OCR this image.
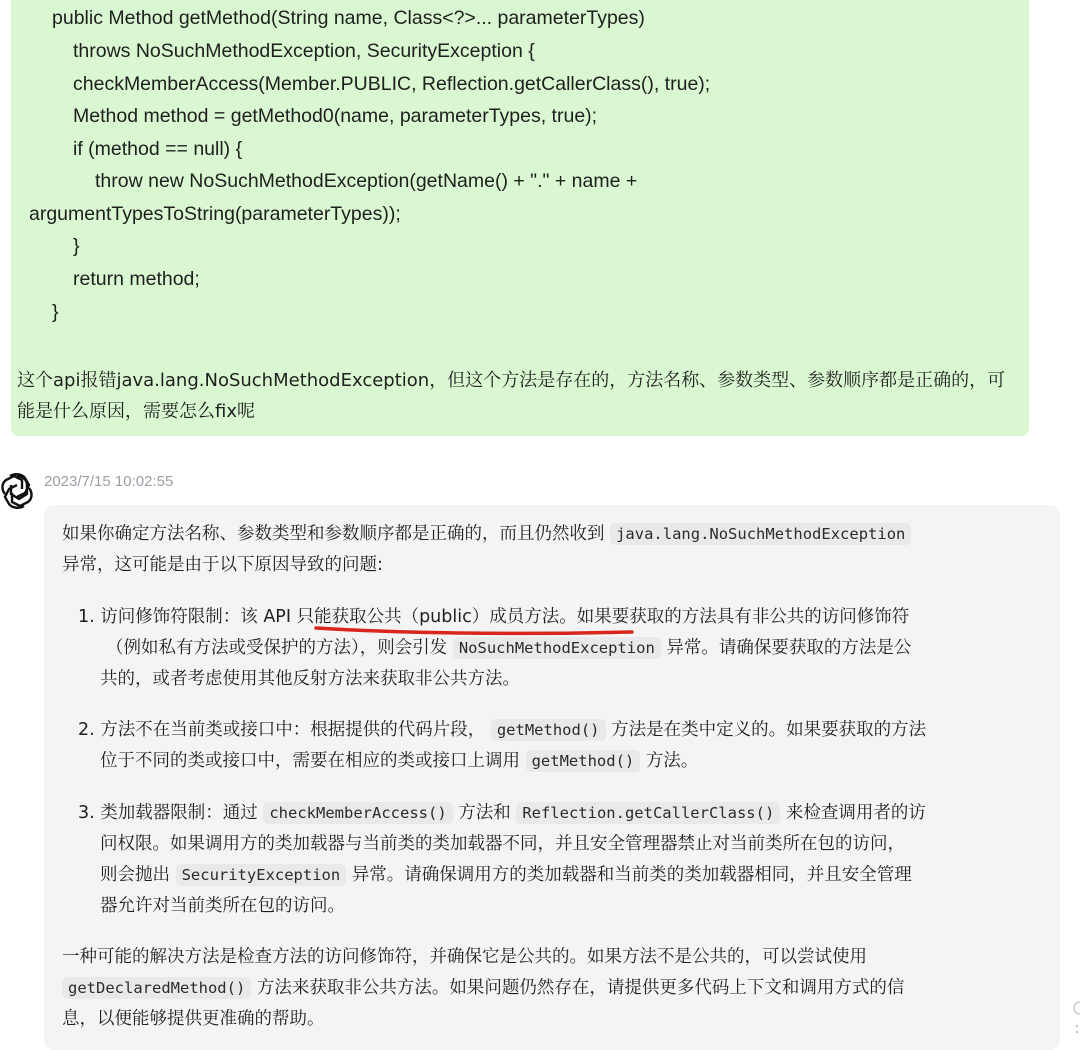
public Method getMethod(String name, Class<?>... parameterTypes)
throws NoSuchMethodException, SecurityException {
checkMemberAccess(Member.PUBLIC, Reflection.getCallerClass(), true);
Method method = getMethod0(name, parameterTypes, true);
if (method == null) {
throw new NoSuchMethodException(getName() + "." + name +
argumentTypesToString(parameterTypes));
}
return method;
}
这个api报错java.lang.NoSuchMethodException，但这个方法是存在的，方法名称、参数类型、参数顺序都是正确的，可能是什么原因，需要怎么fix呢
2023/7/15 10:02:55
如果你确定方法名称、参数类型和参数顺序都是正确的，而且仍然收到 java.lang.NoSuchMethodException
异常，这可能是由于以下原因导致的问题:
1. 访问修饰符限制：该 API 只能获取公共（public）成员方法。如果要获取的方法具有非公共的访问修饰符
（例如私有方法或受保护的方法），则会引发 NoSuchMethodException 异常。请确保要获取的方法是公
共的，或者考虑使用其他反射方法来获取非公共方法。
2. 方法不在当前类或接口中：根据提供的代码片段， getMethod() 方法是在类中定义的。如果要获取的方法
位于不同的类或接口中，需要在相应的类或接口上调用 getMethod() 方法。
3. 类加载器限制：通过 checkMemberAccess() 方法和 Reflection.getCallerClass() 来检查调用者的访
问权限。如果调用方的类加载器与当前类的类加载器不同，并且安全管理器禁止对当前类所在包的访问，
则会抛出 SecurityException 异常。请确保调用方的类加载器和当前类的类加载器相同，并且安全管理
器允许对当前类所在包的访问。
一种可能的解决方法是检查方法的访问修饰符，并确保它是公共的。如果方法不是公共的，可以尝试使用
getDeclaredMethod() 方法来获取非公共方法。如果问题仍然存在，请提供更多代码上下文和调用方式的信
息，以便能够提供更准确的帮助。
